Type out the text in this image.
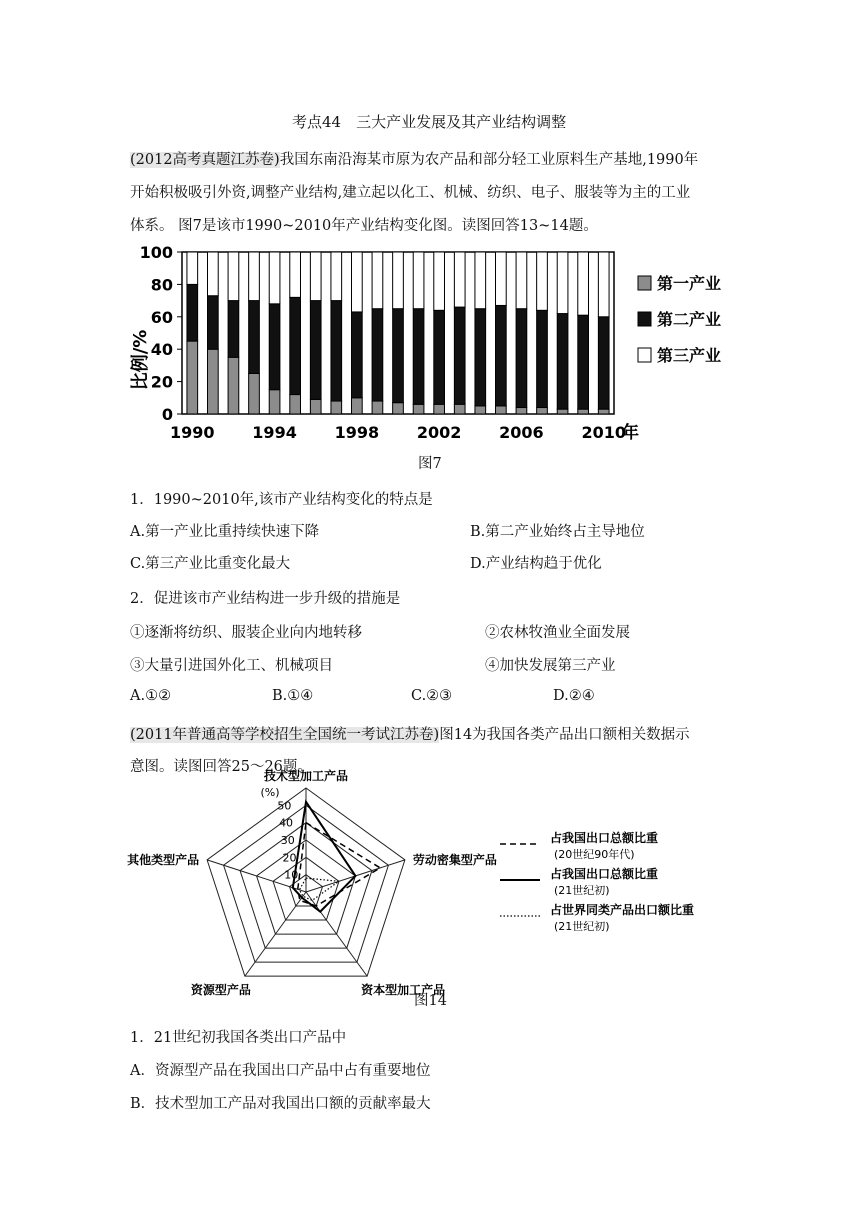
考点44　三大产业发展及其产业结构调整
(2012高考真题江苏卷)我国东南沿海某市原为农产品和部分轻工业原料生产基地,1990年
开始积极吸引外资,调整产业结构,建立起以化工、机械、纺织、电子、服装等为主的工业
体系。 图7是该市1990~2010年产业结构变化图。读图回答13~14题。
0
20
40
60
80
100
1990 1994 1998 2002 2006 2010
比例/%
年
第一产业
第二产业
第三产业
图7
1．1990~2010年,该市产业结构变化的特点是
A.第一产业比重持续快速下降	B.第二产业始终占主导地位
C.第三产业比重变化最大	D.产业结构趋于优化
2．促进该市产业结构进一步升级的措施是
①逐渐将纺织、服装企业向内地转移	②农林牧渔业全面发展
③大量引进国外化工、机械项目	④加快发展第三产业
A.①②	B.①④	C.②③	D.②④
(2011年普通高等学校招生全国统一考试江苏卷)图14为我国各类产品出口额相关数据示
意图。读图回答25～26题。
10
20
30
40
50
(%)
技术型加工产品
劳动密集型产品
资本型加工产品
资源型产品
其他类型产品
占我国出口总额比重
(20世纪90年代)
占我国出口总额比重
(21世纪初)
占世界同类产品出口额比重
(21世纪初)
图14
1．21世纪初我国各类出口产品中
A．资源型产品在我国出口产品中占有重要地位
B．技术型加工产品对我国出口额的贡献率最大
